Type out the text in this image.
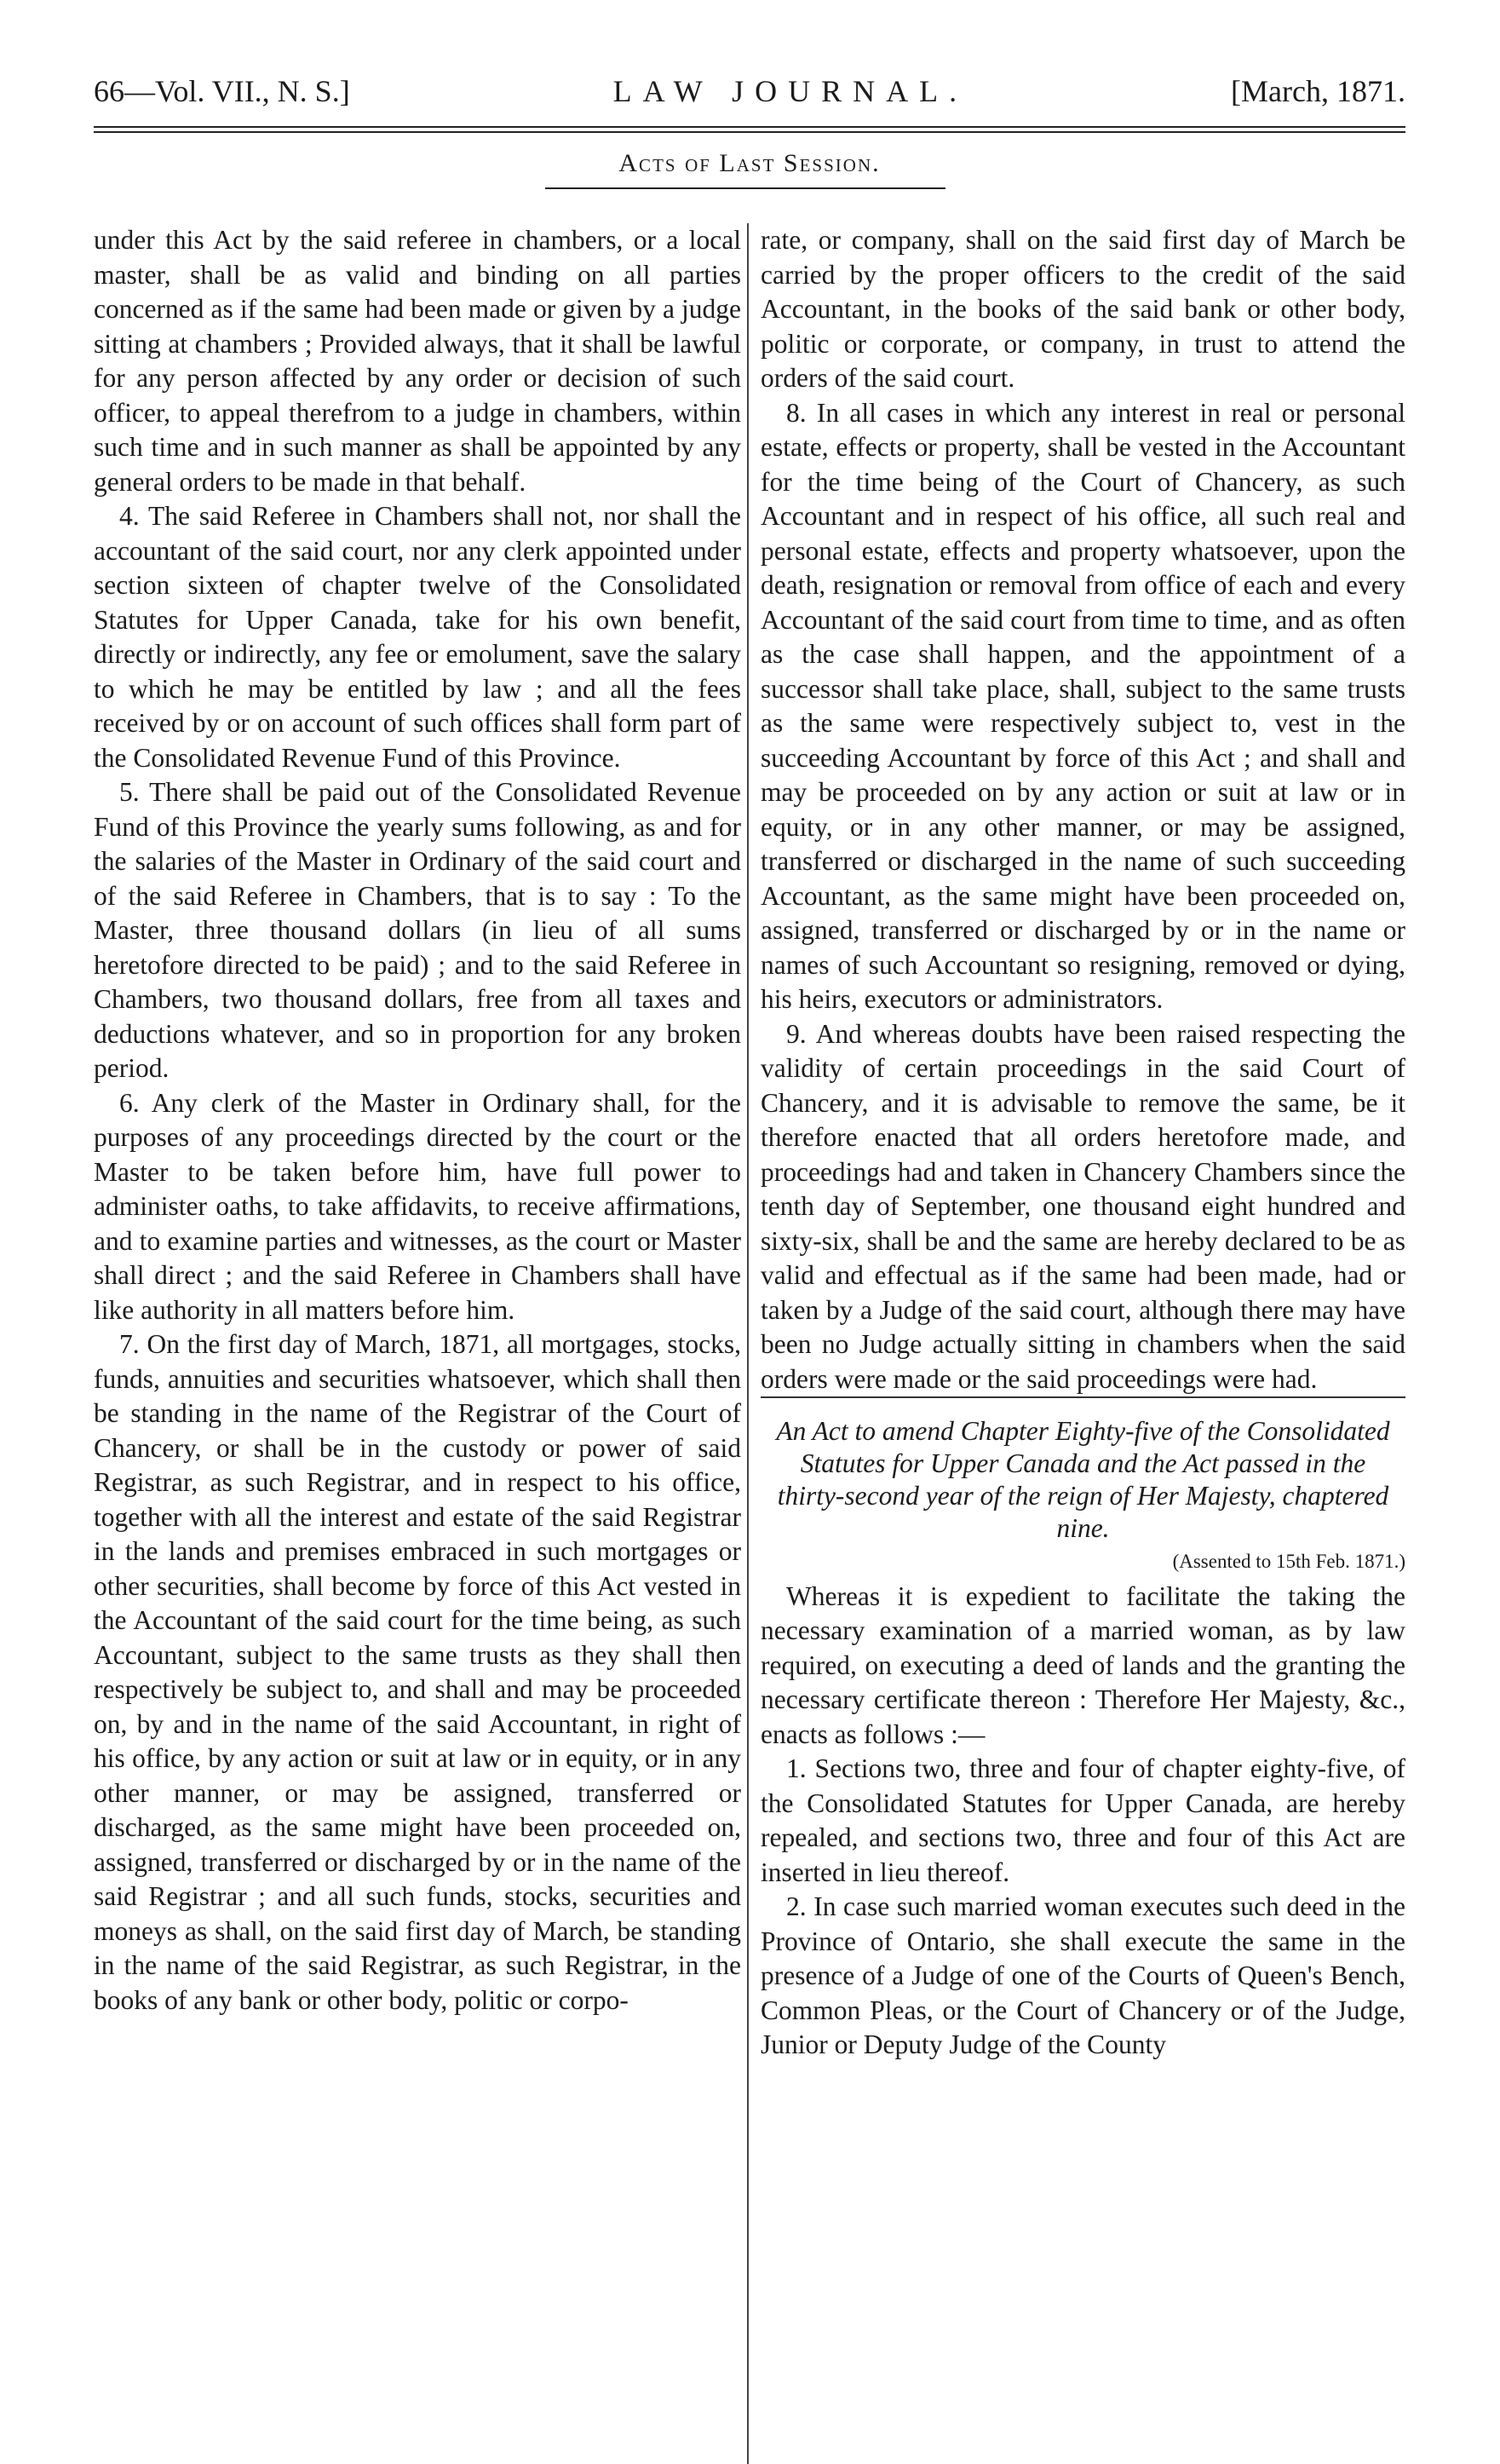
66—Vol. VII., N. S.]	LAW JOURNAL.	[March, 1871.
Acts of Last Session.

under this Act by the said referee in chambers, or a local master, shall be as valid and binding on all parties concerned as if the same had been made or given by a judge sitting at chambers ; Provided always, that it shall be lawful for any person affected by any order or decision of such officer, to appeal therefrom to a judge in chambers, within such time and in such manner as shall be appointed by any general orders to be made in that behalf.

4. The said Referee in Chambers shall not, nor shall the accountant of the said court, nor any clerk appointed under section sixteen of chapter twelve of the Consolidated Statutes for Upper Canada, take for his own benefit, directly or indirectly, any fee or emolument, save the salary to which he may be entitled by law ; and all the fees received by or on account of such offices shall form part of the Consolidated Revenue Fund of this Province.

5. There shall be paid out of the Consolidated Revenue Fund of this Province the yearly sums following, as and for the salaries of the Master in Ordinary of the said court and of the said Referee in Chambers, that is to say : To the Master, three thousand dollars (in lieu of all sums heretofore directed to be paid) ; and to the said Referee in Chambers, two thousand dollars, free from all taxes and deductions whatever, and so in proportion for any broken period.

6. Any clerk of the Master in Ordinary shall, for the purposes of any proceedings directed by the court or the Master to be taken before him, have full power to administer oaths, to take affidavits, to receive affirmations, and to examine parties and witnesses, as the court or Master shall direct ; and the said Referee in Chambers shall have like authority in all matters before him.

7. On the first day of March, 1871, all mortgages, stocks, funds, annuities and securities whatsoever, which shall then be standing in the name of the Registrar of the Court of Chancery, or shall be in the custody or power of said Registrar, as such Registrar, and in respect to his office, together with all the interest and estate of the said Registrar in the lands and premises embraced in such mortgages or other securities, shall become by force of this Act vested in the Accountant of the said court for the time being, as such Accountant, subject to the same trusts as they shall then respectively be subject to, and shall and may be proceeded on, by and in the name of the said Accountant, in right of his office, by any action or suit at law or in equity, or in any other manner, or may be assigned, transferred or discharged, as the same might have been proceeded on, assigned, transferred or discharged by or in the name of the said Registrar ; and all such funds, stocks, securities and moneys as shall, on the said first day of March, be standing in the name of the said Registrar, as such Registrar, in the books of any bank or other body, politic or corpo-

rate, or company, shall on the said first day of March be carried by the proper officers to the credit of the said Accountant, in the books of the said bank or other body, politic or corporate, or company, in trust to attend the orders of the said court.

8. In all cases in which any interest in real or personal estate, effects or property, shall be vested in the Accountant for the time being of the Court of Chancery, as such Accountant and in respect of his office, all such real and personal estate, effects and property whatsoever, upon the death, resignation or removal from office of each and every Accountant of the said court from time to time, and as often as the case shall happen, and the appointment of a successor shall take place, shall, subject to the same trusts as the same were respectively subject to, vest in the succeeding Accountant by force of this Act ; and shall and may be proceeded on by any action or suit at law or in equity, or in any other manner, or may be assigned, transferred or discharged in the name of such succeeding Accountant, as the same might have been proceeded on, assigned, transferred or discharged by or in the name or names of such Accountant so resigning, removed or dying, his heirs, executors or administrators.

9. And whereas doubts have been raised respecting the validity of certain proceedings in the said Court of Chancery, and it is advisable to remove the same, be it therefore enacted that all orders heretofore made, and proceedings had and taken in Chancery Chambers since the tenth day of September, one thousand eight hundred and sixty-six, shall be and the same are hereby declared to be as valid and effectual as if the same had been made, had or taken by a Judge of the said court, although there may have been no Judge actually sitting in chambers when the said orders were made or the said proceedings were had.

An Act to amend Chapter Eighty-five of the Consolidated Statutes for Upper Canada and the Act passed in the thirty-second year of the reign of Her Majesty, chaptered nine.

(Assented to 15th Feb. 1871.)

Whereas it is expedient to facilitate the taking the necessary examination of a married woman, as by law required, on executing a deed of lands and the granting the necessary certificate thereon : Therefore Her Majesty, &c., enacts as follows :—

1. Sections two, three and four of chapter eighty-five, of the Consolidated Statutes for Upper Canada, are hereby repealed, and sections two, three and four of this Act are inserted in lieu thereof.

2. In case such married woman executes such deed in the Province of Ontario, she shall execute the same in the presence of a Judge of one of the Courts of Queen's Bench, Common Pleas, or the Court of Chancery or of the Judge, Junior or Deputy Judge of the County
